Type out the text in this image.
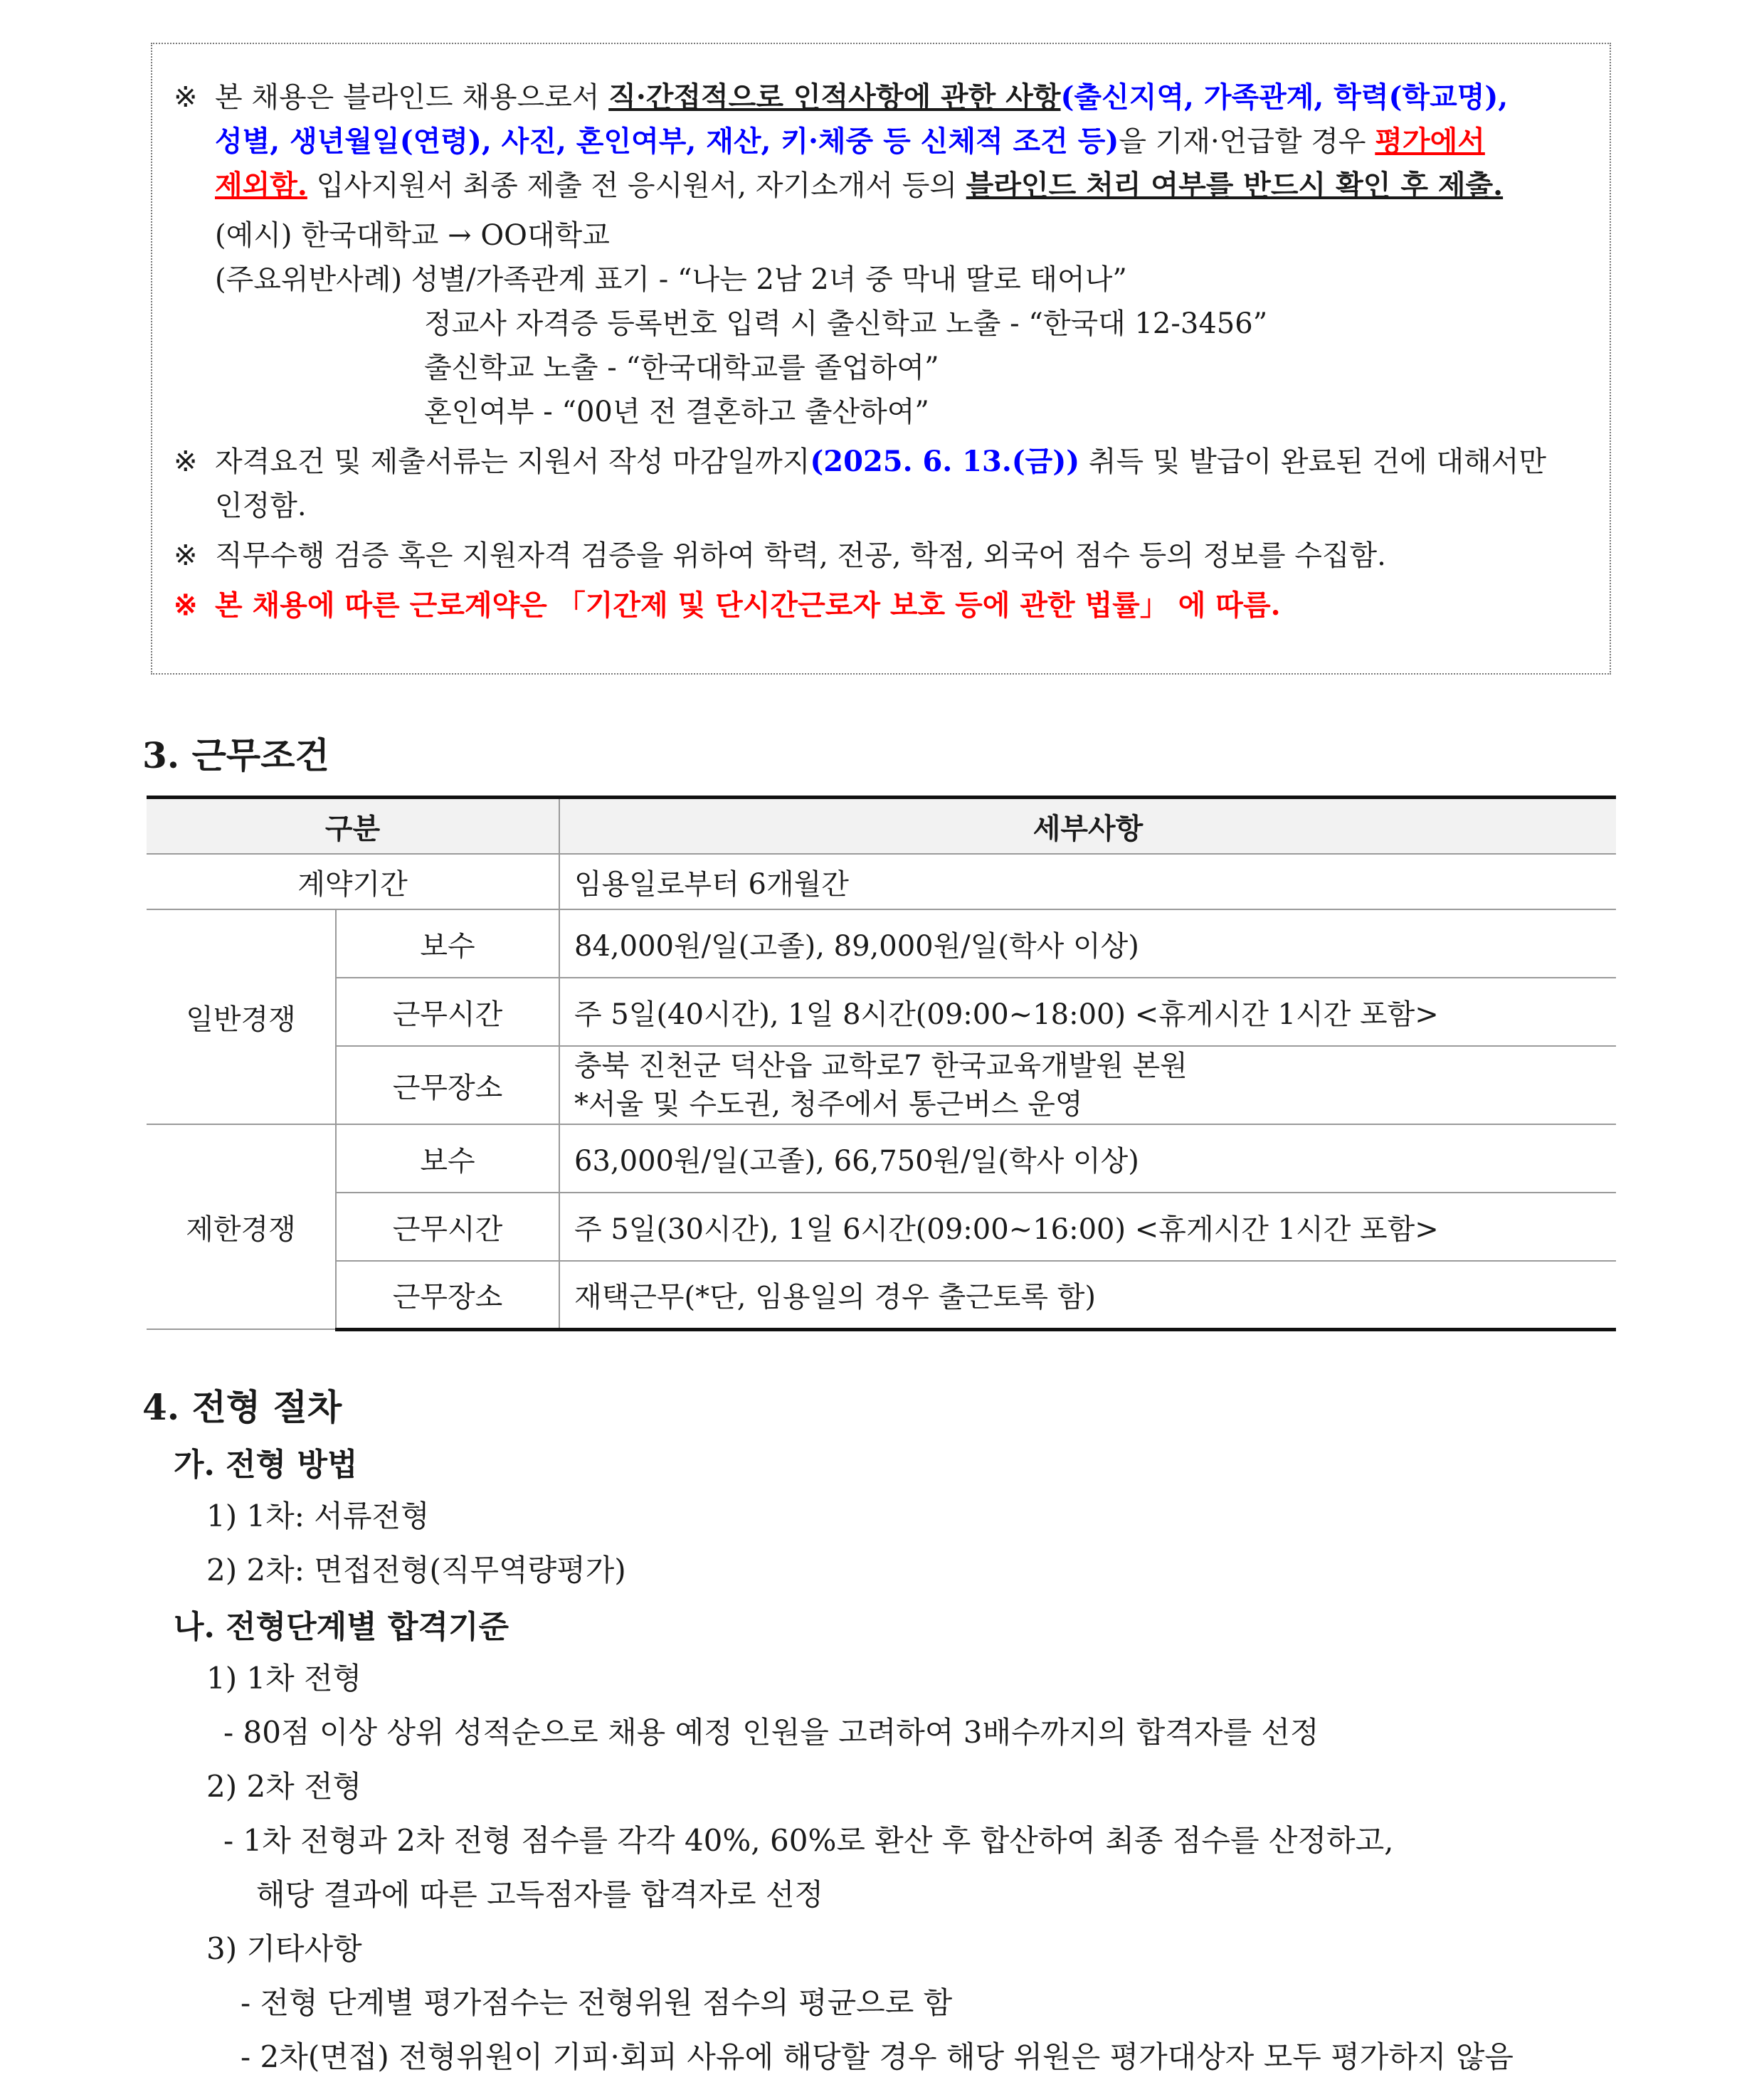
※ 본 채용은 블라인드 채용으로서 직·간접적으로 인적사항에 관한 사항(출신지역, 가족관계, 학력(학교명),
성별, 생년월일(연령), 사진, 혼인여부, 재산, 키·체중 등 신체적 조건 등)을 기재·언급할 경우 평가에서
제외함. 입사지원서 최종 제출 전 응시원서, 자기소개서 등의 블라인드 처리 여부를 반드시 확인 후 제출.
(예시) 한국대학교 → OO대학교
(주요위반사례) 성별/가족관계 표기 - “나는 2남 2녀 중 막내 딸로 태어나”
정교사 자격증 등록번호 입력 시 출신학교 노출 - “한국대 12-3456”
출신학교 노출 - “한국대학교를 졸업하여”
혼인여부 - “00년 전 결혼하고 출산하여”
※ 자격요건 및 제출서류는 지원서 작성 마감일까지(2025. 6. 13.(금)) 취득 및 발급이 완료된 건에 대해서만
인정함.
※ 직무수행 검증 혹은 지원자격 검증을 위하여 학력, 전공, 학점, 외국어 점수 등의 정보를 수집함.
※ 본 채용에 따른 근로계약은 「기간제 및 단시간근로자 보호 등에 관한 법률」 에 따름.
3. 근무조건
구분		세부사항
계약기간		임용일로부터 6개월간
일반경쟁	보수	84,000원/일(고졸), 89,000원/일(학사 이상)
	근무시간	주 5일(40시간), 1일 8시간(09:00~18:00) <휴게시간 1시간 포함>
	근무장소	충북 진천군 덕산읍 교학로7 한국교육개발원 본원
*서울 및 수도권, 청주에서 통근버스 운영

제한경쟁	보수	63,000원/일(고졸), 66,750원/일(학사 이상)
	근무시간	주 5일(30시간), 1일 6시간(09:00~16:00) <휴게시간 1시간 포함>
	근무장소	재택근무(*단, 임용일의 경우 출근토록 함)
4. 전형 절차
가. 전형 방법
1) 1차: 서류전형
2) 2차: 면접전형(직무역량평가)
나. 전형단계별 합격기준
1) 1차 전형
- 80점 이상 상위 성적순으로 채용 예정 인원을 고려하여 3배수까지의 합격자를 선정
2) 2차 전형
- 1차 전형과 2차 전형 점수를 각각 40%, 60%로 환산 후 합산하여 최종 점수를 산정하고,
해당 결과에 따른 고득점자를 합격자로 선정
3) 기타사항
- 전형 단계별 평가점수는 전형위원 점수의 평균으로 함
- 2차(면접) 전형위원이 기피·회피 사유에 해당할 경우 해당 위원은 평가대상자 모두 평가하지 않음
